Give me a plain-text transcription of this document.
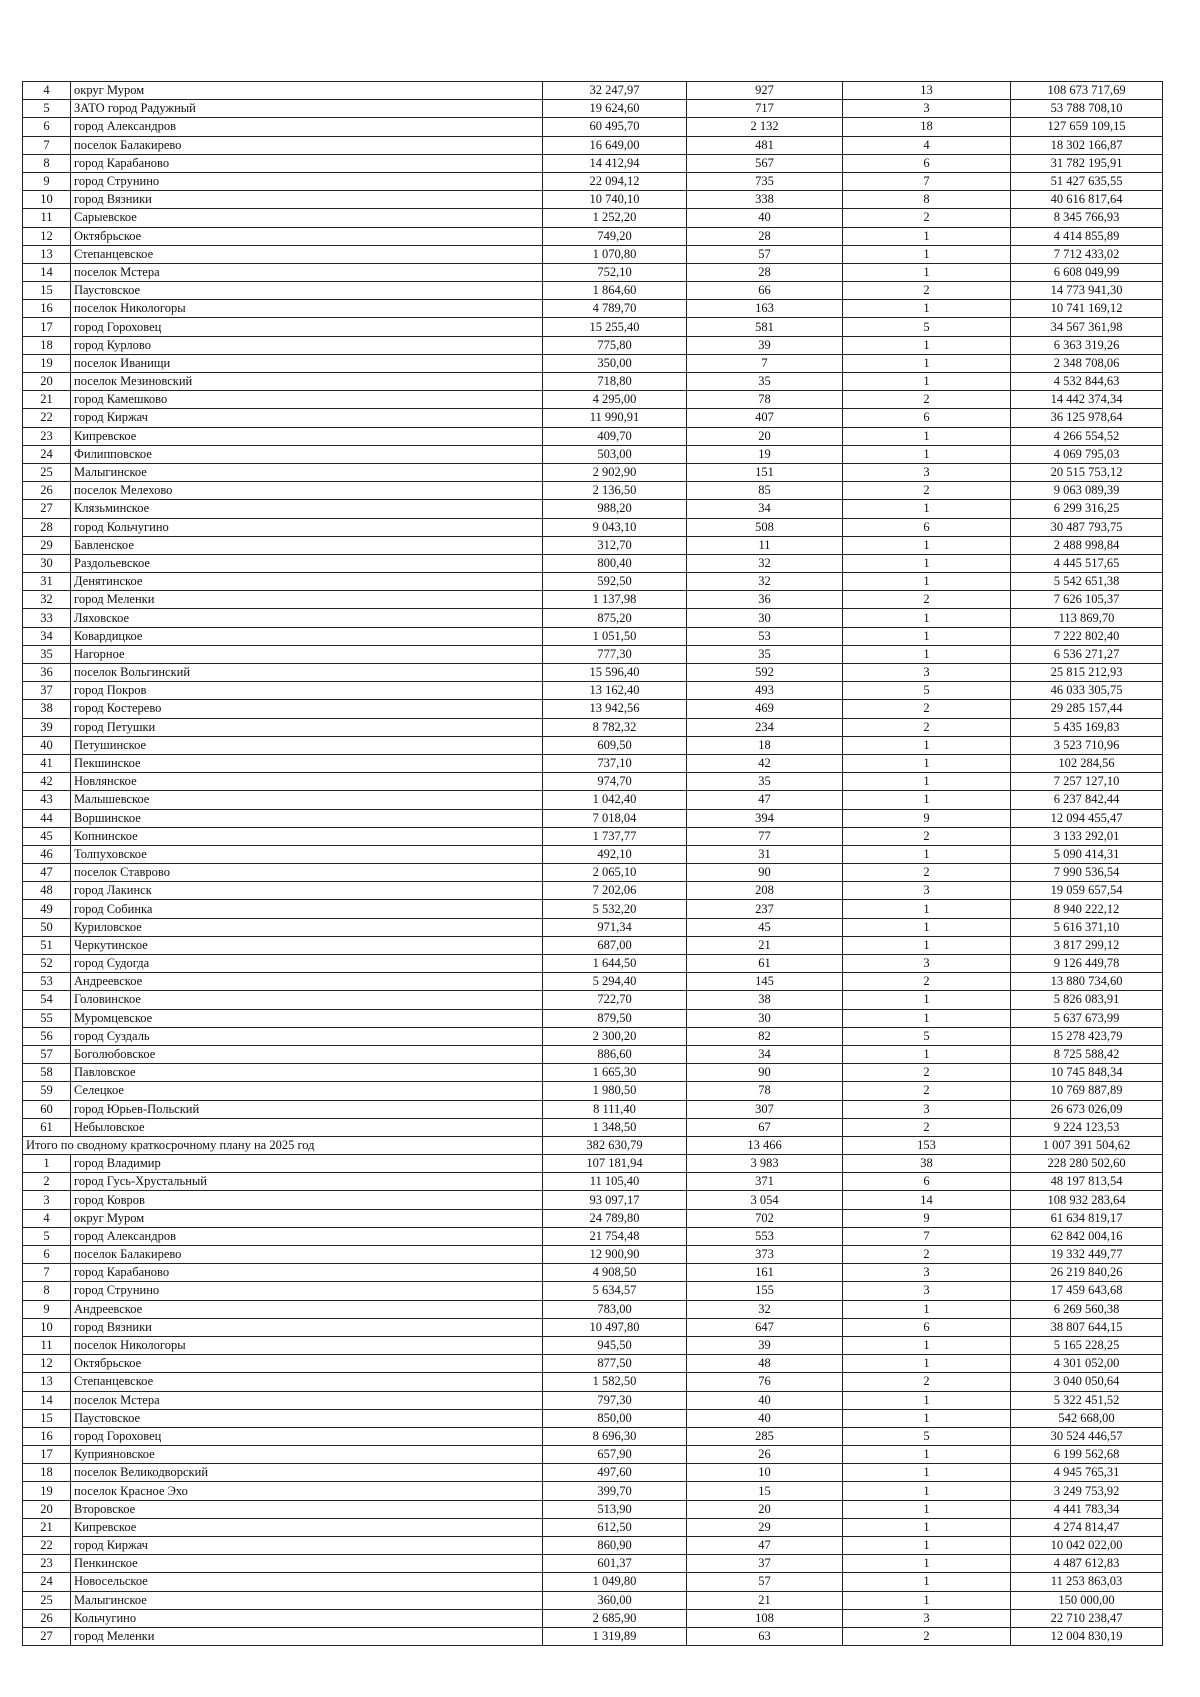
4	округ Муром	32 247,97	927	13	108 673 717,69
5	ЗАТО город Радужный	19 624,60	717	3	53 788 708,10
6	город Александров	60 495,70	2 132	18	127 659 109,15
7	поселок Балакирево	16 649,00	481	4	18 302 166,87
8	город Карабаново	14 412,94	567	6	31 782 195,91
9	город Струнино	22 094,12	735	7	51 427 635,55
10	город Вязники	10 740,10	338	8	40 616 817,64
11	Сарыевское	1 252,20	40	2	8 345 766,93
12	Октябрьское	749,20	28	1	4 414 855,89
13	Степанцевское	1 070,80	57	1	7 712 433,02
14	поселок Мстера	752,10	28	1	6 608 049,99
15	Паустовское	1 864,60	66	2	14 773 941,30
16	поселок Никологоры	4 789,70	163	1	10 741 169,12
17	город Гороховец	15 255,40	581	5	34 567 361,98
18	город Курлово	775,80	39	1	6 363 319,26
19	поселок Иванищи	350,00	7	1	2 348 708,06
20	поселок Мезиновский	718,80	35	1	4 532 844,63
21	город Камешково	4 295,00	78	2	14 442 374,34
22	город Киржач	11 990,91	407	6	36 125 978,64
23	Кипревское	409,70	20	1	4 266 554,52
24	Филипповское	503,00	19	1	4 069 795,03
25	Малыгинское	2 902,90	151	3	20 515 753,12
26	поселок Мелехово	2 136,50	85	2	9 063 089,39
27	Клязьминское	988,20	34	1	6 299 316,25
28	город Кольчугино	9 043,10	508	6	30 487 793,75
29	Бавленское	312,70	11	1	2 488 998,84
30	Раздольевское	800,40	32	1	4 445 517,65
31	Денятинское	592,50	32	1	5 542 651,38
32	город Меленки	1 137,98	36	2	7 626 105,37
33	Ляховское	875,20	30	1	113 869,70
34	Ковардицкое	1 051,50	53	1	7 222 802,40
35	Нагорное	777,30	35	1	6 536 271,27
36	поселок Вольгинский	15 596,40	592	3	25 815 212,93
37	город Покров	13 162,40	493	5	46 033 305,75
38	город Костерево	13 942,56	469	2	29 285 157,44
39	город Петушки	8 782,32	234	2	5 435 169,83
40	Петушинское	609,50	18	1	3 523 710,96
41	Пекшинское	737,10	42	1	102 284,56
42	Новлянское	974,70	35	1	7 257 127,10
43	Малышевское	1 042,40	47	1	6 237 842,44
44	Воршинское	7 018,04	394	9	12 094 455,47
45	Копнинское	1 737,77	77	2	3 133 292,01
46	Толпуховское	492,10	31	1	5 090 414,31
47	поселок Ставрово	2 065,10	90	2	7 990 536,54
48	город Лакинск	7 202,06	208	3	19 059 657,54
49	город Собинка	5 532,20	237	1	8 940 222,12
50	Куриловское	971,34	45	1	5 616 371,10
51	Черкутинское	687,00	21	1	3 817 299,12
52	город Судогда	1 644,50	61	3	9 126 449,78
53	Андреевское	5 294,40	145	2	13 880 734,60
54	Головинское	722,70	38	1	5 826 083,91
55	Муромцевское	879,50	30	1	5 637 673,99
56	город Суздаль	2 300,20	82	5	15 278 423,79
57	Боголюбовское	886,60	34	1	8 725 588,42
58	Павловское	1 665,30	90	2	10 745 848,34
59	Селецкое	1 980,50	78	2	10 769 887,89
60	город Юрьев-Польский	8 111,40	307	3	26 673 026,09
61	Небыловское	1 348,50	67	2	9 224 123,53
Итого по сводному краткосрочному плану на 2025 год		382 630,79	13 466	153	1 007 391 504,62
1	город Владимир	107 181,94	3 983	38	228 280 502,60
2	город Гусь-Хрустальный	11 105,40	371	6	48 197 813,54
3	город Ковров	93 097,17	3 054	14	108 932 283,64
4	округ Муром	24 789,80	702	9	61 634 819,17
5	город Александров	21 754,48	553	7	62 842 004,16
6	поселок Балакирево	12 900,90	373	2	19 332 449,77
7	город Карабаново	4 908,50	161	3	26 219 840,26
8	город Струнино	5 634,57	155	3	17 459 643,68
9	Андреевское	783,00	32	1	6 269 560,38
10	город Вязники	10 497,80	647	6	38 807 644,15
11	поселок Никологоры	945,50	39	1	5 165 228,25
12	Октябрьское	877,50	48	1	4 301 052,00
13	Степанцевское	1 582,50	76	2	3 040 050,64
14	поселок Мстера	797,30	40	1	5 322 451,52
15	Паустовское	850,00	40	1	542 668,00
16	город Гороховец	8 696,30	285	5	30 524 446,57
17	Куприяновское	657,90	26	1	6 199 562,68
18	поселок Великодворский	497,60	10	1	4 945 765,31
19	поселок Красное Эхо	399,70	15	1	3 249 753,92
20	Второвское	513,90	20	1	4 441 783,34
21	Кипревское	612,50	29	1	4 274 814,47
22	город Киржач	860,90	47	1	10 042 022,00
23	Пенкинское	601,37	37	1	4 487 612,83
24	Новосельское	1 049,80	57	1	11 253 863,03
25	Малыгинское	360,00	21	1	150 000,00
26	Кольчугино	2 685,90	108	3	22 710 238,47
27	город Меленки	1 319,89	63	2	12 004 830,19
